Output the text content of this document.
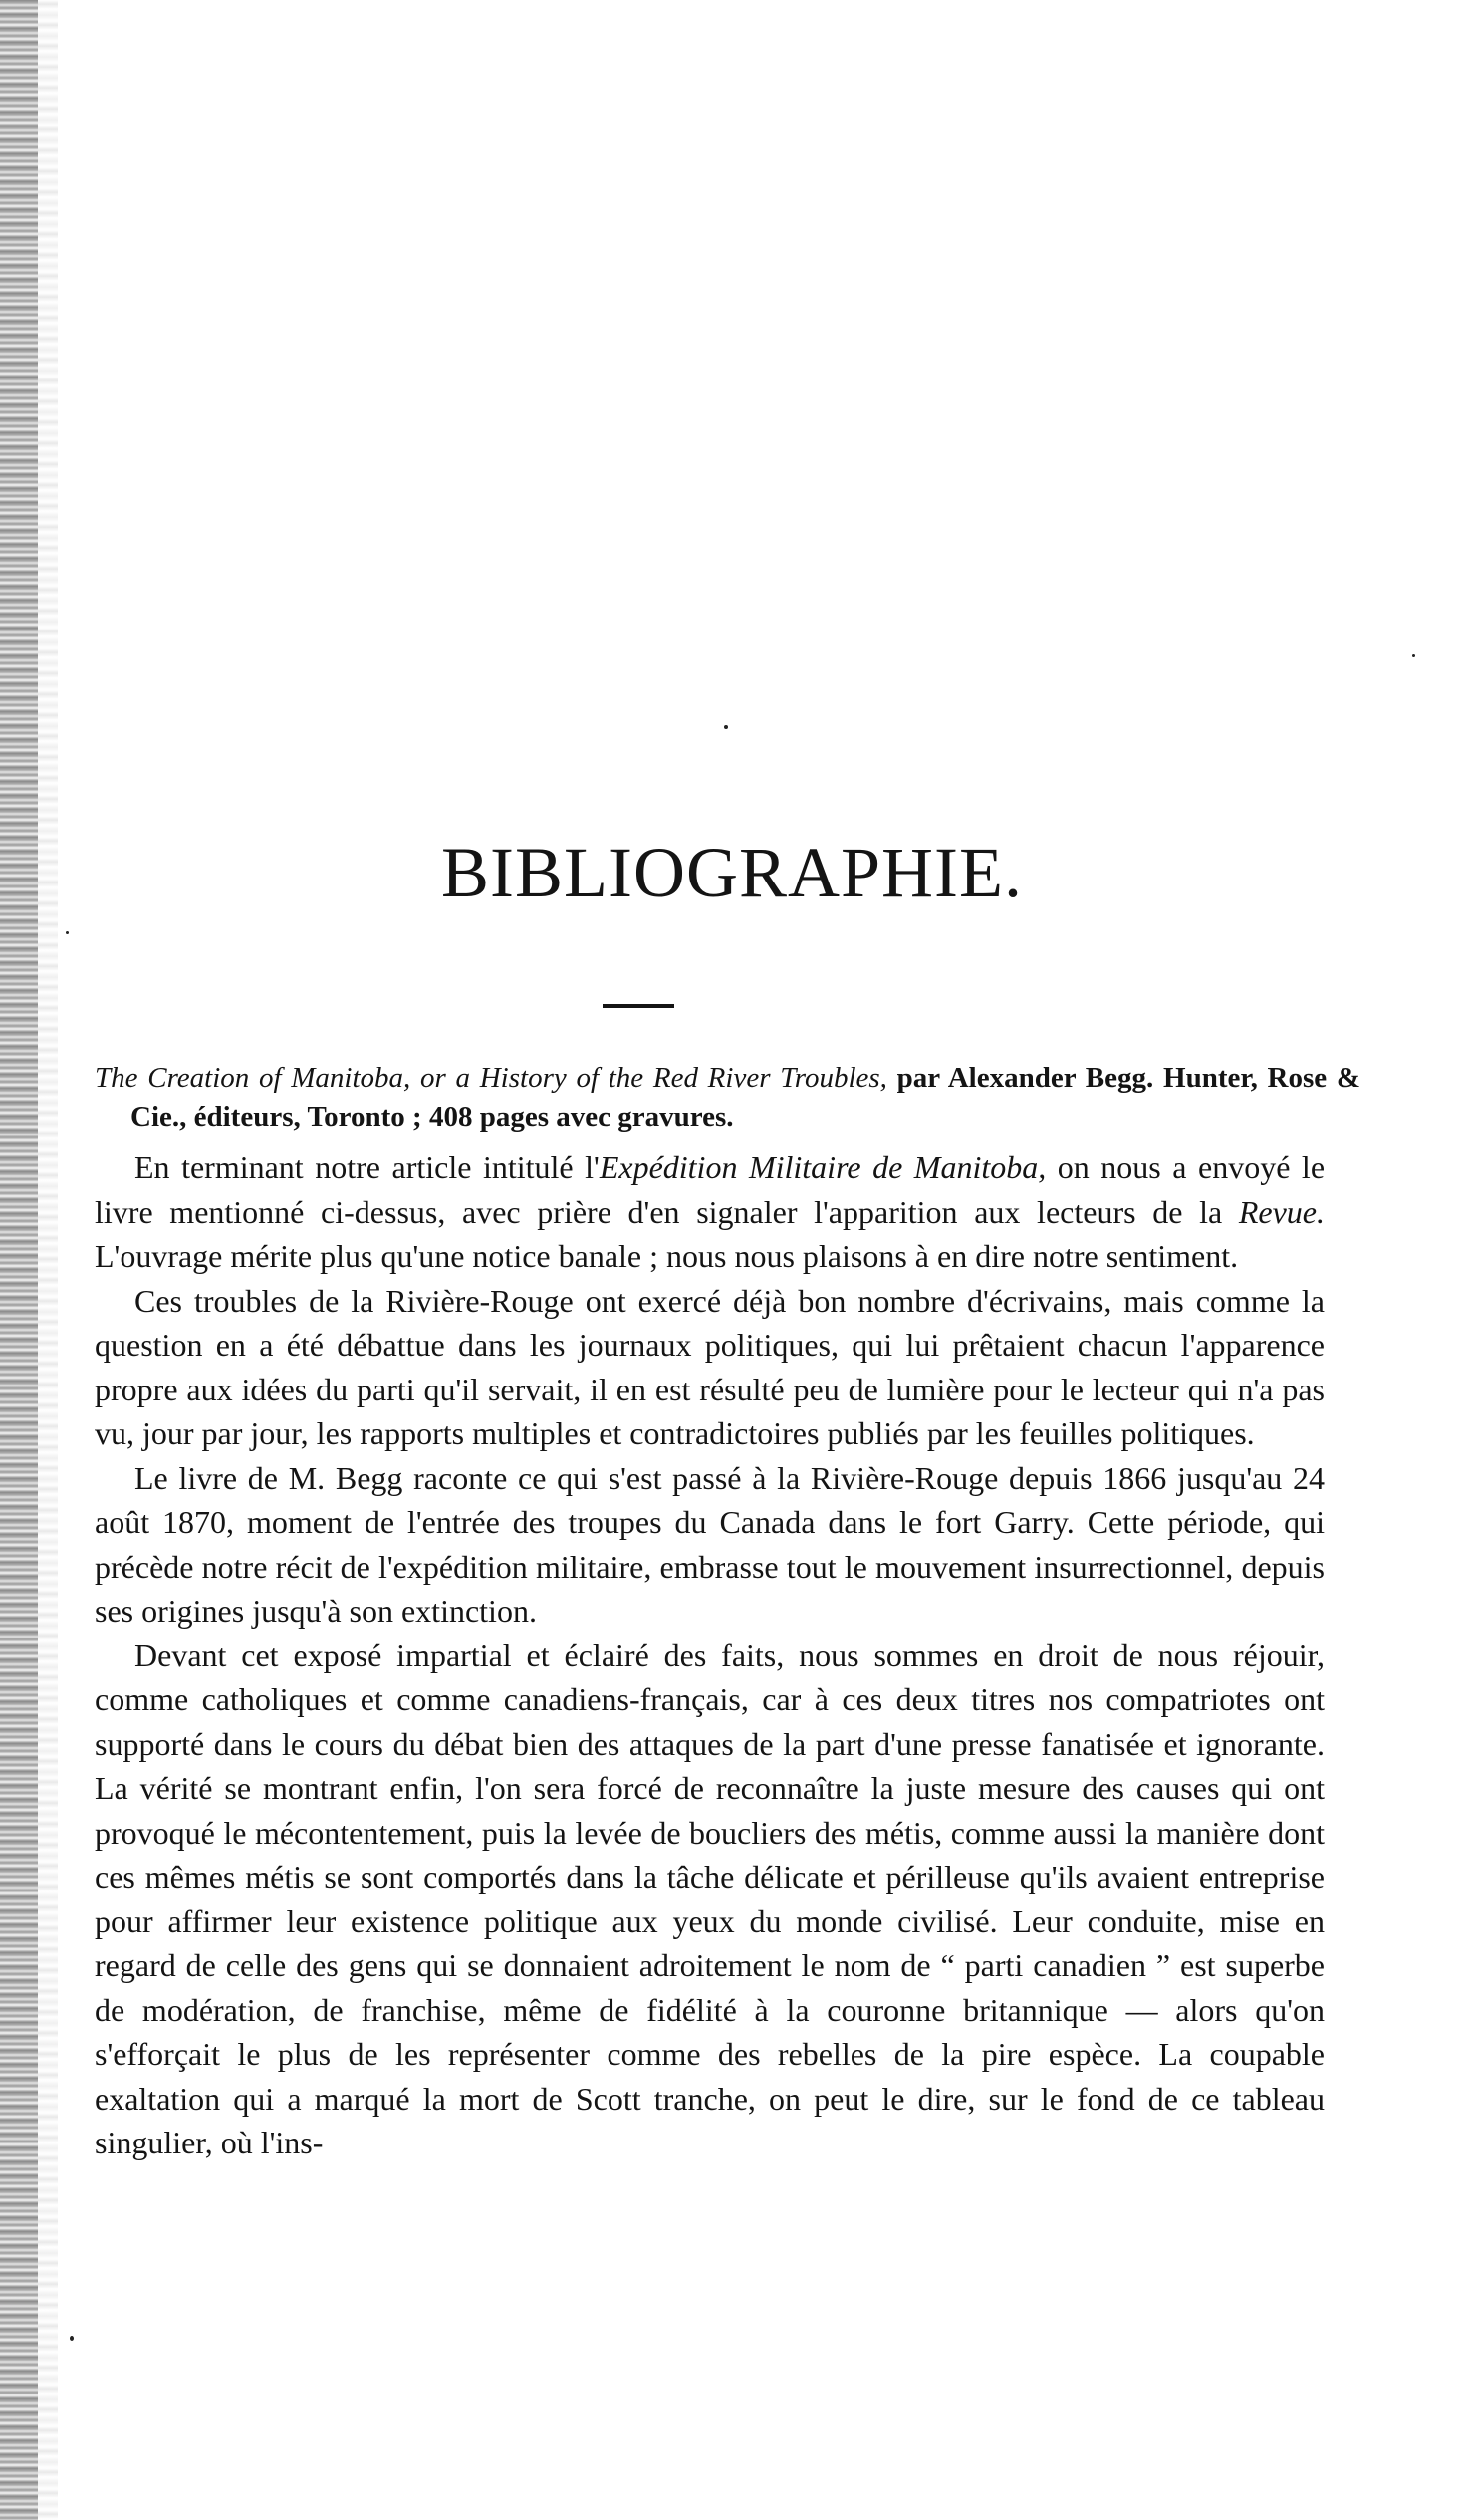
BIBLIOGRAPHIE.

The Creation of Manitoba, or a History of the Red River Troubles, par Alexander Begg. Hunter, Rose & Cie., éditeurs, Toronto ; 408 pages avec gravures.

En terminant notre article intitulé l'Expédition Militaire de Manitoba, on nous a envoyé le livre mentionné ci-dessus, avec prière d'en signaler l'apparition aux lecteurs de la Revue. L'ouvrage mérite plus qu'une notice banale ; nous nous plaisons à en dire notre sentiment.

Ces troubles de la Rivière-Rouge ont exercé déjà bon nombre d'écrivains, mais comme la question en a été débattue dans les journaux politiques, qui lui prêtaient chacun l'apparence propre aux idées du parti qu'il servait, il en est résulté peu de lumière pour le lecteur qui n'a pas vu, jour par jour, les rapports multiples et contradictoires publiés par les feuilles politiques.

Le livre de M. Begg raconte ce qui s'est passé à la Rivière-Rouge depuis 1866 jusqu'au 24 août 1870, moment de l'entrée des troupes du Canada dans le fort Garry. Cette période, qui précède notre récit de l'expédition militaire, embrasse tout le mouvement insurrectionnel, depuis ses origines jusqu'à son extinction.

Devant cet exposé impartial et éclairé des faits, nous sommes en droit de nous réjouir, comme catholiques et comme canadiens-français, car à ces deux titres nos compatriotes ont supporté dans le cours du débat bien des attaques de la part d'une presse fanatisée et ignorante. La vérité se montrant enfin, l'on sera forcé de reconnaître la juste mesure des causes qui ont provoqué le mécontentement, puis la levée de boucliers des métis, comme aussi la manière dont ces mêmes métis se sont comportés dans la tâche délicate et périlleuse qu'ils avaient entreprise pour affirmer leur existence politique aux yeux du monde civilisé. Leur conduite, mise en regard de celle des gens qui se donnaient adroitement le nom de “ parti canadien ” est superbe de modération, de franchise, même de fidélité à la couronne britannique — alors qu'on s'efforçait le plus de les représenter comme des rebelles de la pire espèce. La coupable exaltation qui a marqué la mort de Scott tranche, on peut le dire, sur le fond de ce tableau singulier, où l'ins-
